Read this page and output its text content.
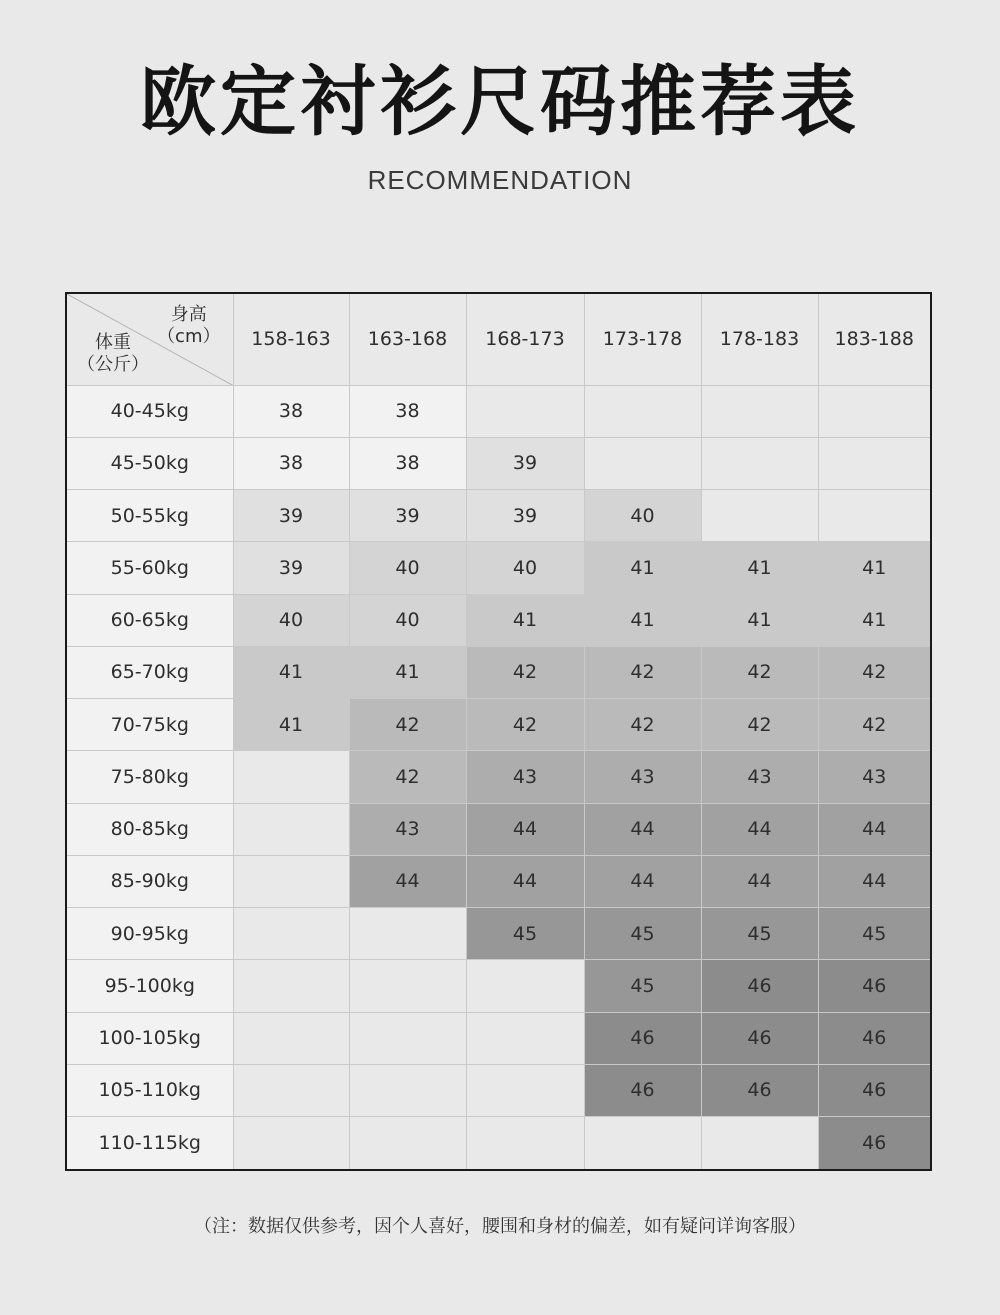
欧定衬衫尺码推荐表
RECOMMENDATION
身高
（cm）
体重
（公斤）	158-163	163-168	168-173	173-178	178-183	183-188
40-45kg	38	38				
45-50kg	38	38	39			
50-55kg	39	39	39	40		
55-60kg	39	40	40	41	41	41
60-65kg	40	40	41	41	41	41
65-70kg	41	41	42	42	42	42
70-75kg	41	42	42	42	42	42
75-80kg		42	43	43	43	43
80-85kg		43	44	44	44	44
85-90kg		44	44	44	44	44
90-95kg			45	45	45	45
95-100kg				45	46	46
100-105kg				46	46	46
105-110kg				46	46	46
110-115kg						46
（注：数据仅供参考，因个人喜好，腰围和身材的偏差，如有疑问详询客服）
